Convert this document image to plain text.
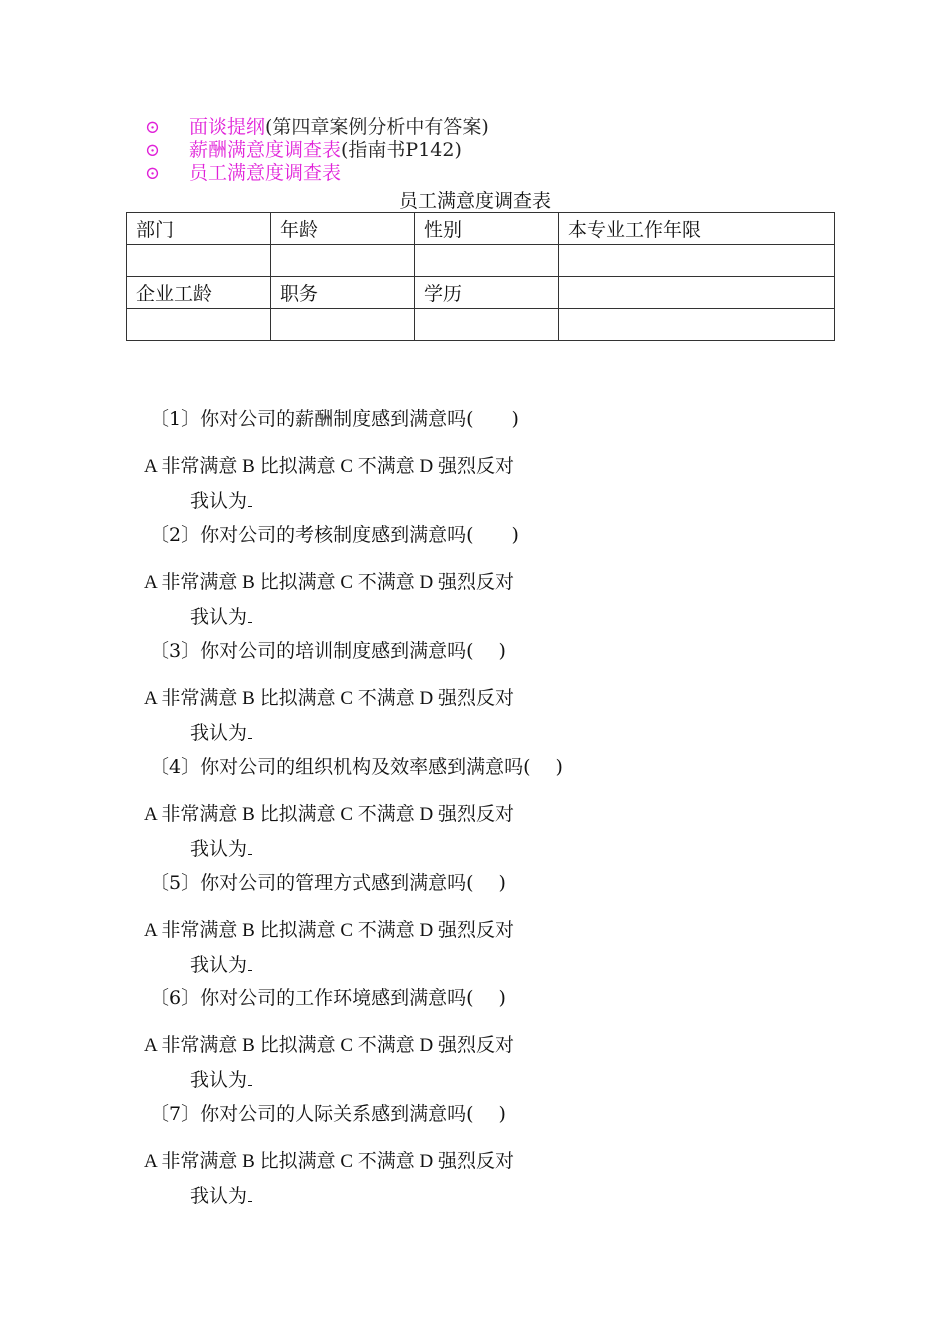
⊙	面谈提纲 (第四章案例分析中有答案)
⊙	薪酬满意度调查表 (指南书P142)
⊙	员工满意度调查表
员工满意度调查表
部门	年龄	性别	本专业工作年限

企业工龄	职务	学历	

〔1〕你对公司的薪酬制度感到满意吗(　　)
A 非常满意 B 比拟满意 C 不满意 D 强烈反对
我认为
〔2〕你对公司的考核制度感到满意吗(　　)
A 非常满意 B 比拟满意 C 不满意 D 强烈反对
我认为
〔3〕你对公司的培训制度感到满意吗(　 )
A 非常满意 B 比拟满意 C 不满意 D 强烈反对
我认为
〔4〕你对公司的组织机构及效率感到满意吗(　 )
A 非常满意 B 比拟满意 C 不满意 D 强烈反对
我认为
〔5〕你对公司的管理方式感到满意吗(　 )
A 非常满意 B 比拟满意 C 不满意 D 强烈反对
我认为
〔6〕你对公司的工作环境感到满意吗(　 )
A 非常满意 B 比拟满意 C 不满意 D 强烈反对
我认为
〔7〕你对公司的人际关系感到满意吗(　 )
A 非常满意 B 比拟满意 C 不满意 D 强烈反对
我认为
